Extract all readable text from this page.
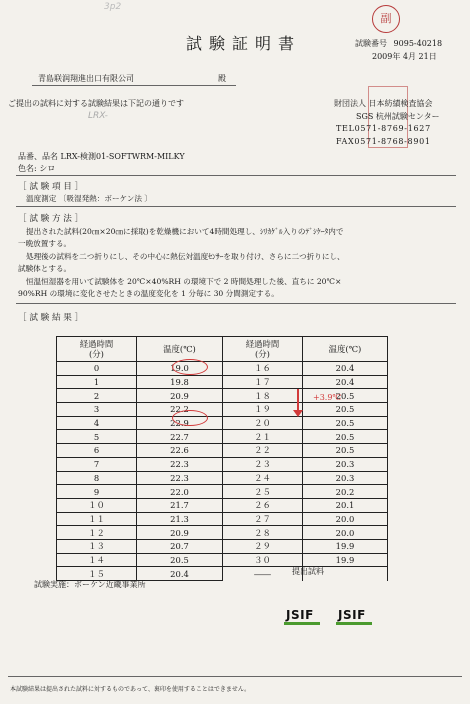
3p2
試験証明書
副
試験番号 9095-40218
2009年 4月 21日
青島联润翔進出口有限公司	殿
ご提出の試料に対する試験結果は下記の通りです
LRX-
財団法人 日本紡績検査協会
SGS 杭州試験センター
TEL0571-8769-1627
FAX0571-8768-8901
品番、品名 LRX-検測01-SOFTWRM-MILKY
色名: シロ
［ 試 験 項 目 ］
温度測定 〔吸湿発熱：ボーケン法 〕
［ 試 験 方 法 ］
提出された試料(20㎝×20㎝に採取)を乾燥機において4時間処理し、ｼﾘｶｹﾞﾙ入りのﾃﾞｼｹｰﾀ内で
一晩放置する。
処理後の試料を二つ折りにし、その中心に熱伝対温度ｾﾝｻｰを取り付け、さらに二つ折りにし、
試験体とする。
恒温恒湿器を用いて試験体を 20℃×40%RH の環境下で 2 時間処理した後、直ちに 20℃×
90%RH の環境に変化させたときの温度変化を 1 分毎に 30 分間測定する。
［ 試 験 結 果 ］
経過時間
(分)	温度(℃)	経過時間
(分)	温度(℃)
0	19.0	１６	20.4
1	19.8	１７	20.4
2	20.9	１８	20.5
3	22.2	１９	20.5
4	22.9	２０	20.5
5	22.7	２１	20.5
6	22.6	２２	20.5
7	22.3	２３	20.3
8	22.3	２４	20.3
9	22.0	２５	20.2
１０	21.7	２６	20.1
１１	21.3	２７	20.0
１２	20.9	２８	20.0
１３	20.7	２９	19.9
１４	20.5	３０	19.9
１５	20.4	――	
+3.9℃
提出試料
試験実施：ボーケン近畿事業所
JSIF JSIF
本試験結果は提出された試料に対するものであって、裏印を使用することはできません。
